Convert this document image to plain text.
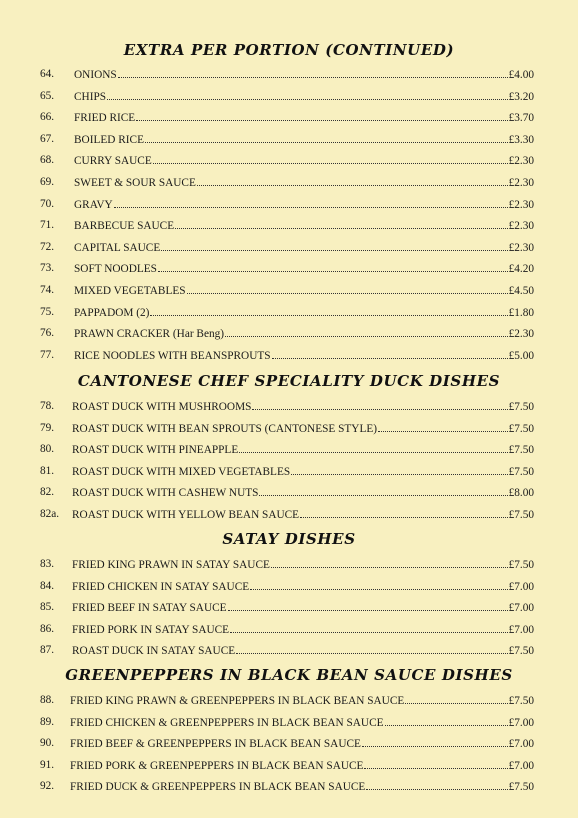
EXTRA PER PORTION (CONTINUED)
CANTONESE CHEF SPECIALITY DUCK DISHES
SATAY DISHES
GREENPEPPERS IN BLACK BEAN SAUCE DISHES
64. ONIONS	£4.00
65. CHIPS	£3.20
66. FRIED RICE	£3.70
67. BOILED RICE	£3.30
68. CURRY SAUCE	£2.30
69. SWEET & SOUR SAUCE	£2.30
70. GRAVY	£2.30
71. BARBECUE SAUCE	£2.30
72. CAPITAL SAUCE	£2.30
73. SOFT NOODLES	£4.20
74. MIXED VEGETABLES	£4.50
75. PAPPADOM (2)	£1.80
76. PRAWN CRACKER (Har Beng)	£2.30
77. RICE NOODLES WITH BEANSPROUTS	£5.00
78. ROAST DUCK WITH MUSHROOMS	£7.50
79. ROAST DUCK WITH BEAN SPROUTS (CANTONESE STYLE)	£7.50
80. ROAST DUCK WITH PINEAPPLE	£7.50
81. ROAST DUCK WITH MIXED VEGETABLES	£7.50
82. ROAST DUCK WITH CASHEW NUTS	£8.00
82a. ROAST DUCK WITH YELLOW BEAN SAUCE	£7.50
83. FRIED KING PRAWN IN SATAY SAUCE	£7.50
84. FRIED CHICKEN IN SATAY SAUCE	£7.00
85. FRIED BEEF IN SATAY SAUCE	£7.00
86. FRIED PORK IN SATAY SAUCE	£7.00
87. ROAST DUCK IN SATAY SAUCE	£7.50
88. FRIED KING PRAWN & GREENPEPPERS IN BLACK BEAN SAUCE	£7.50
89. FRIED CHICKEN & GREENPEPPERS IN BLACK BEAN SAUCE	£7.00
90. FRIED BEEF & GREENPEPPERS IN BLACK BEAN SAUCE	£7.00
91. FRIED PORK & GREENPEPPERS IN BLACK BEAN SAUCE	£7.00
92. FRIED DUCK & GREENPEPPERS IN BLACK BEAN SAUCE	£7.50
